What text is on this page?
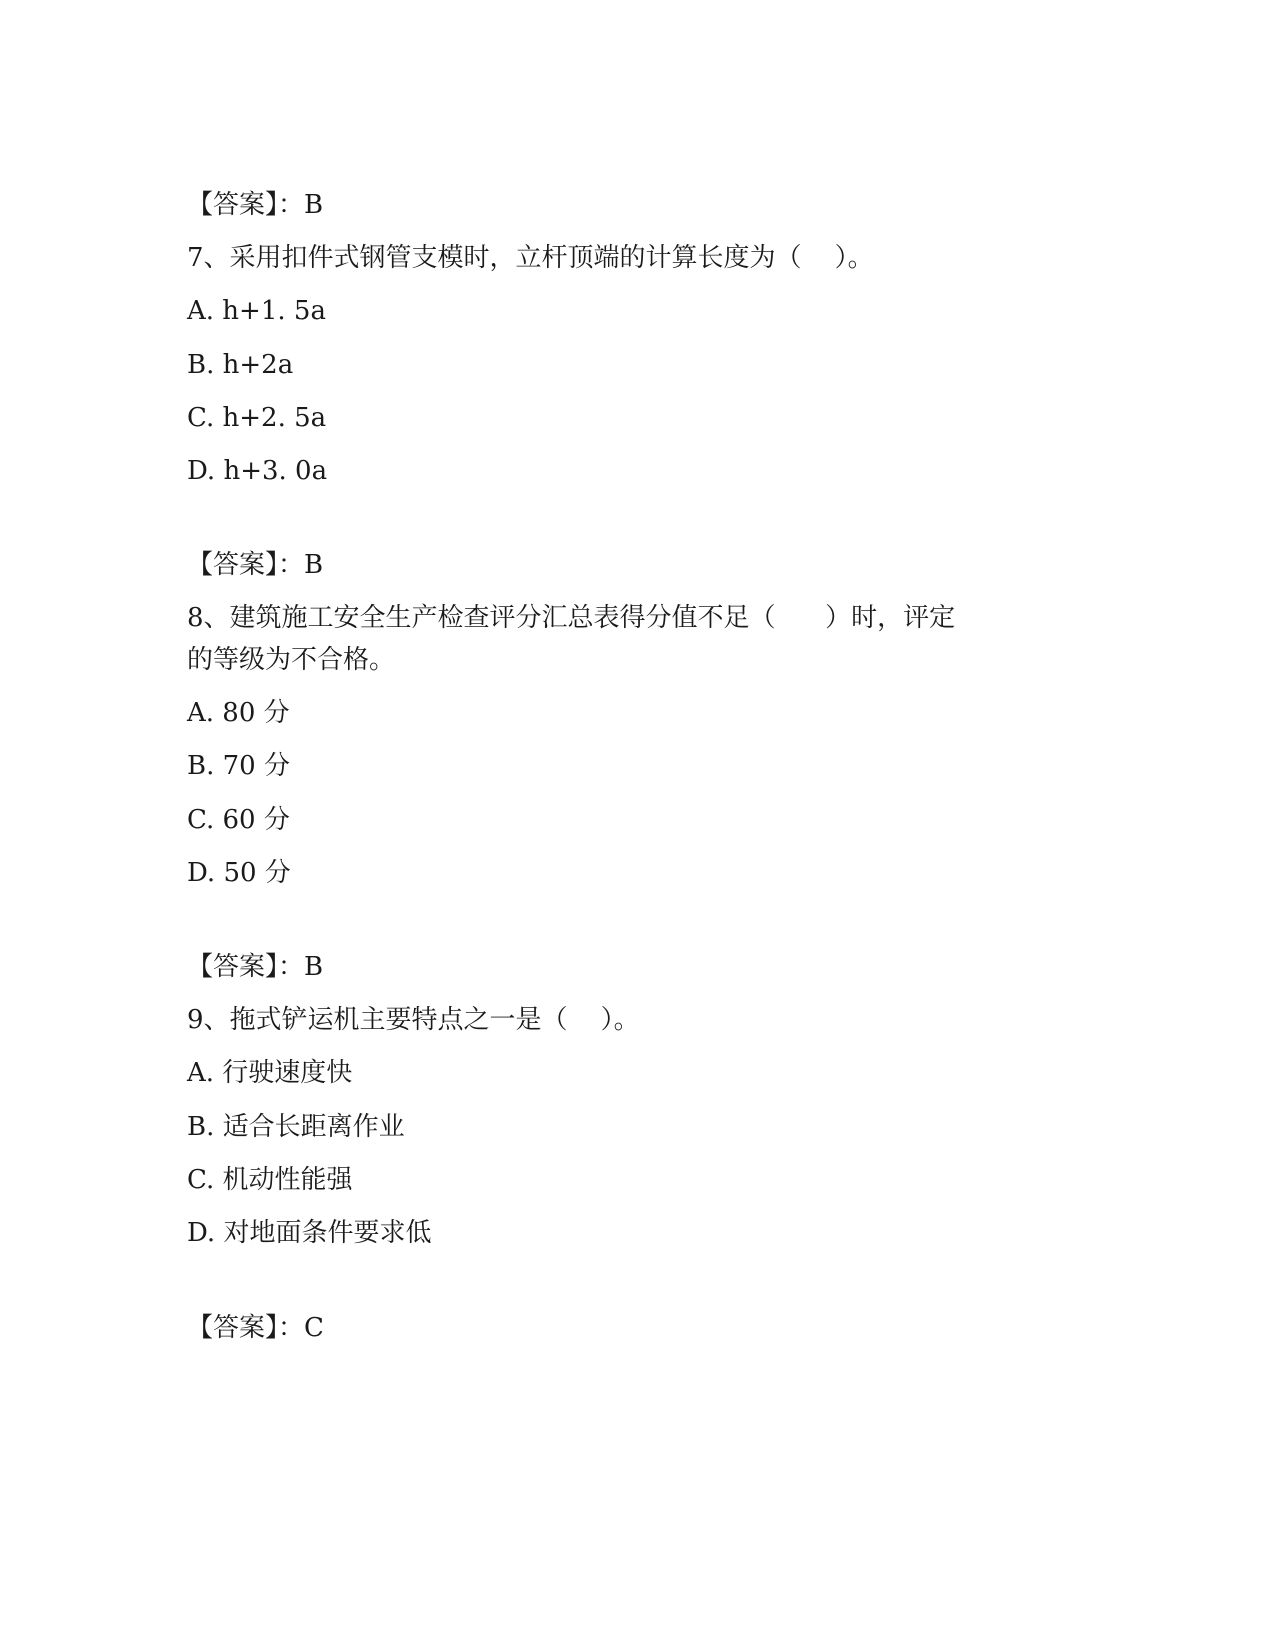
【答案】：B

7、采用扣件式钢管支模时，立杆顶端的计算长度为（    ）。

A. h+1. 5a

B. h+2a

C. h+2. 5a

D. h+3. 0a

【答案】：B

8、建筑施工安全生产检查评分汇总表得分值不足（      ）时，评定

的等级为不合格。

A. 80 分

B. 70 分

C. 60 分

D. 50 分

【答案】：B

9、拖式铲运机主要特点之一是（    ）。

A. 行驶速度快

B. 适合长距离作业

C. 机动性能强

D. 对地面条件要求低

【答案】：C
